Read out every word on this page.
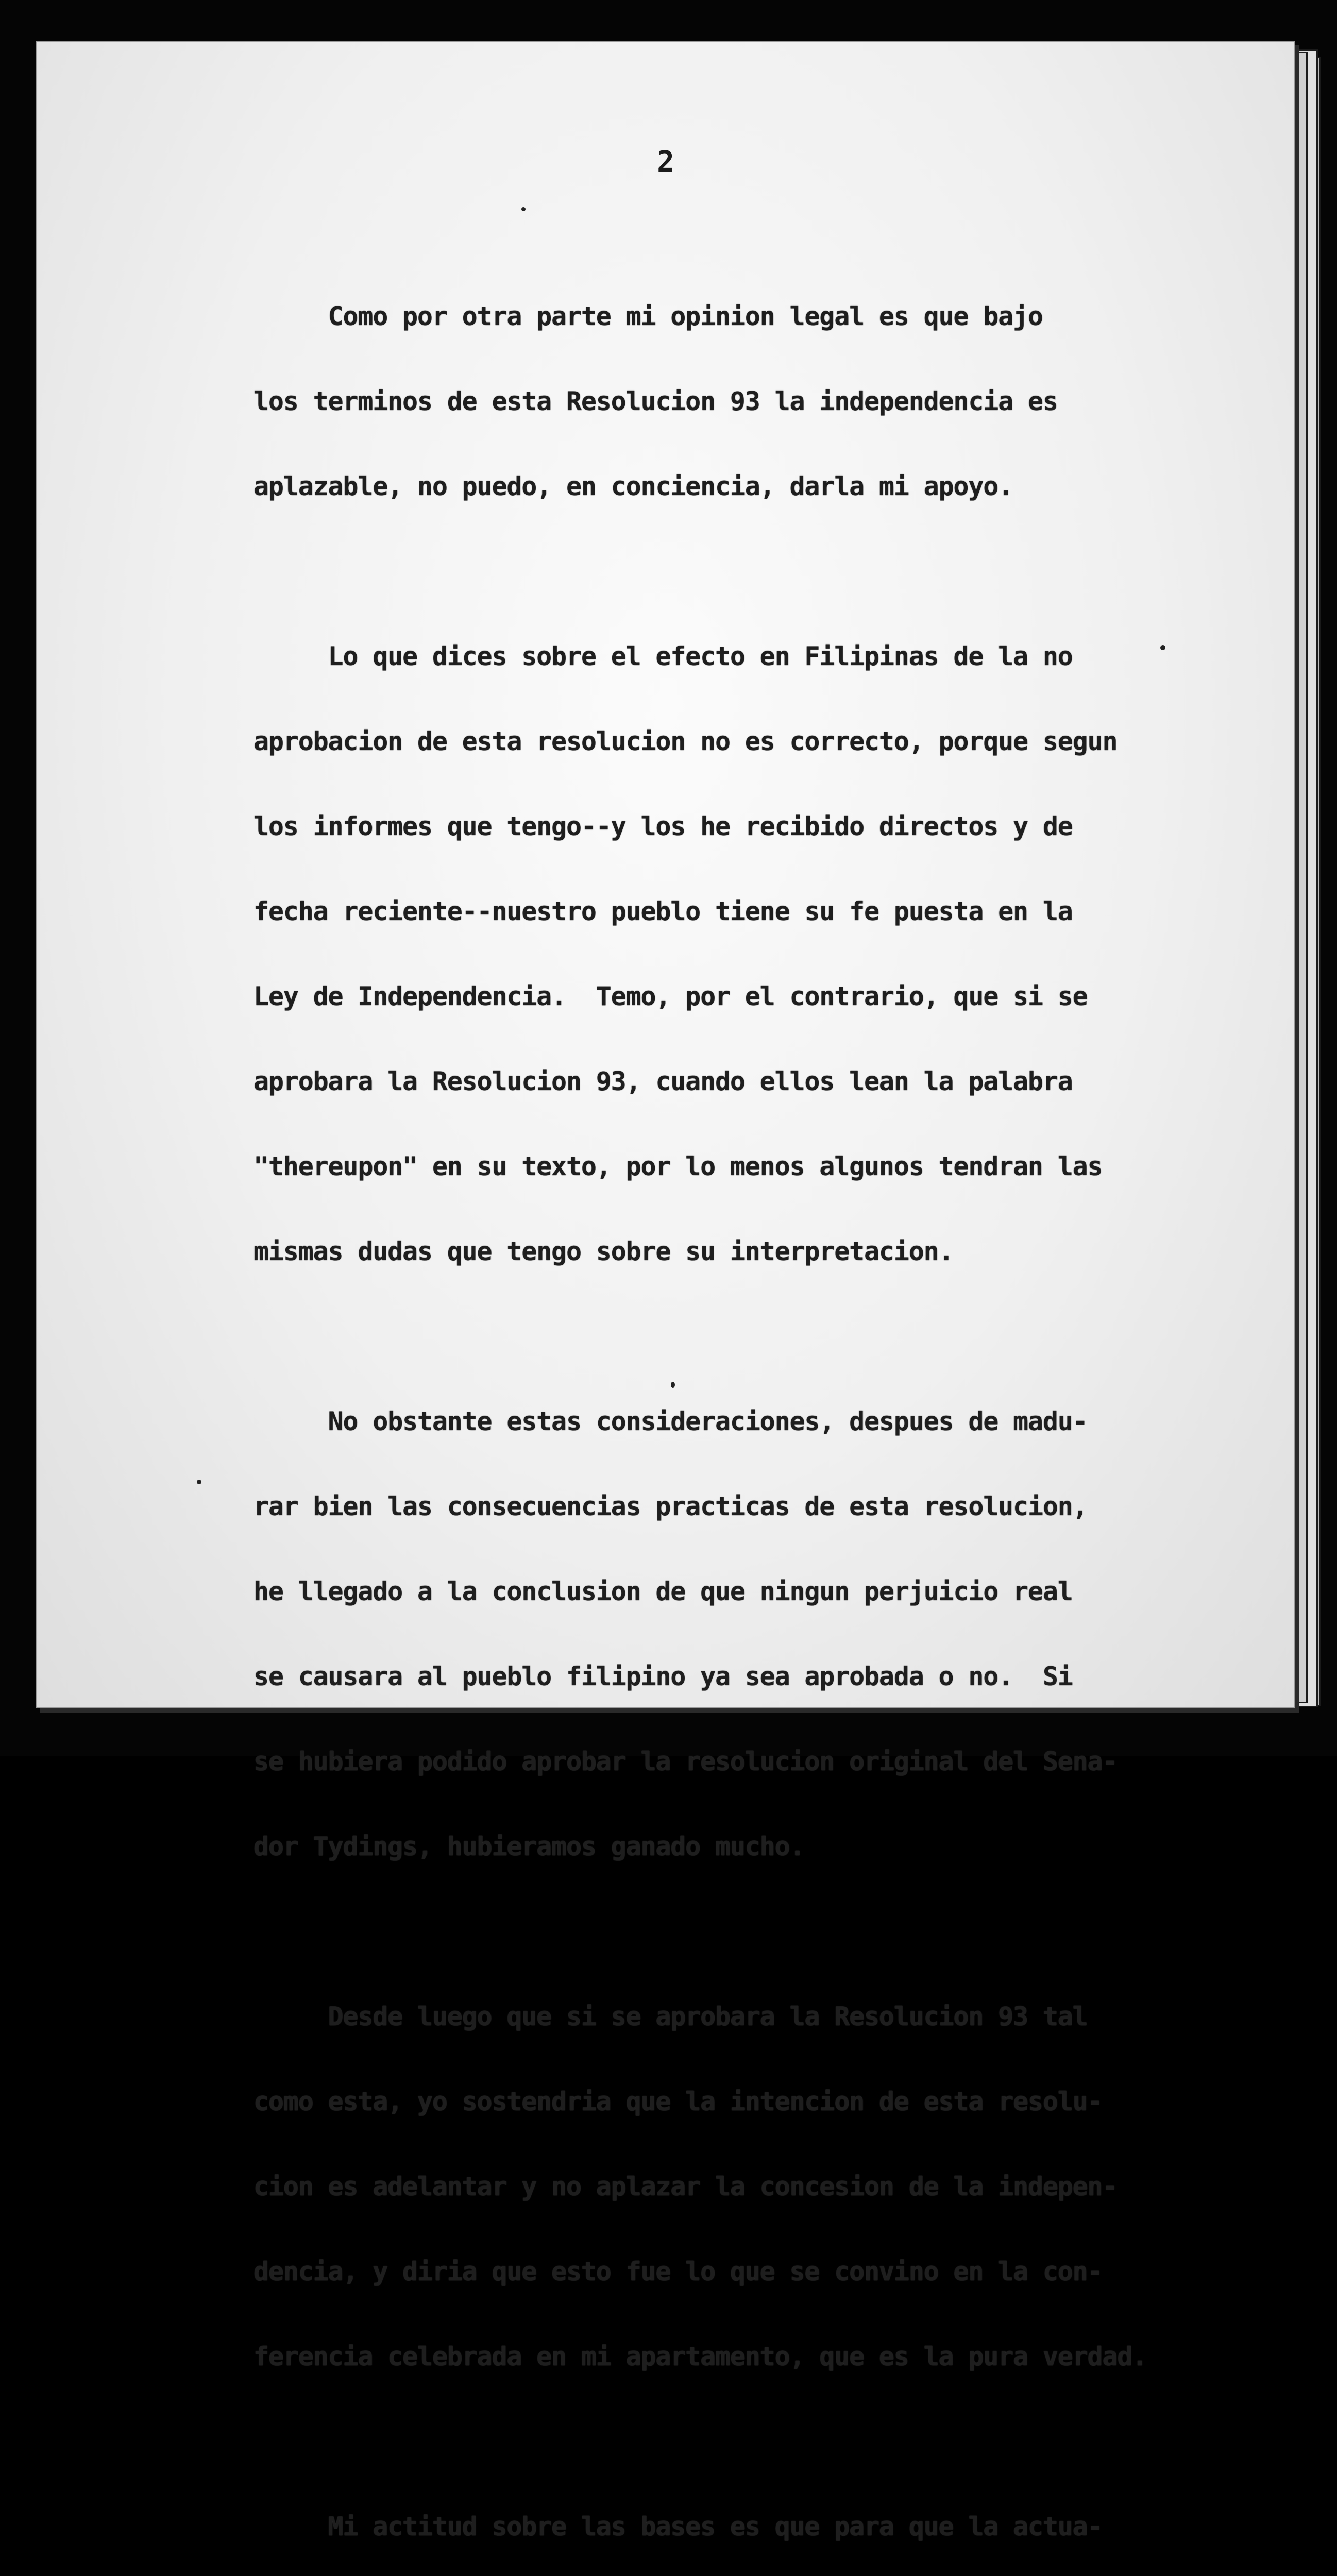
2

Como por otra parte mi opinion legal es que bajo

los terminos de esta Resolucion 93 la independencia es

aplazable, no puedo, en conciencia, darla mi apoyo.

Lo que dices sobre el efecto en Filipinas de la no

aprobacion de esta resolucion no es correcto, porque segun

los informes que tengo--y los he recibido directos y de

fecha reciente--nuestro pueblo tiene su fe puesta en la

Ley de Independencia.  Temo, por el contrario, que si se

aprobara la Resolucion 93, cuando ellos lean la palabra

"thereupon" en su texto, por lo menos algunos tendran las

mismas dudas que tengo sobre su interpretacion.

No obstante estas consideraciones, despues de madu-

rar bien las consecuencias practicas de esta resolucion,

he llegado a la conclusion de que ningun perjuicio real

se causara al pueblo filipino ya sea aprobada o no.  Si

se hubiera podido aprobar la resolucion original del Sena-

dor Tydings, hubieramos ganado mucho.

Desde luego que si se aprobara la Resolucion 93 tal

como esta, yo sostendria que la intencion de esta resolu-

cion es adelantar y no aplazar la concesion de la indepen-

dencia, y diria que esto fue lo que se convino en la con-

ferencia celebrada en mi apartamento, que es la pura verdad.

Mi actitud sobre las bases es que para que la actua-
